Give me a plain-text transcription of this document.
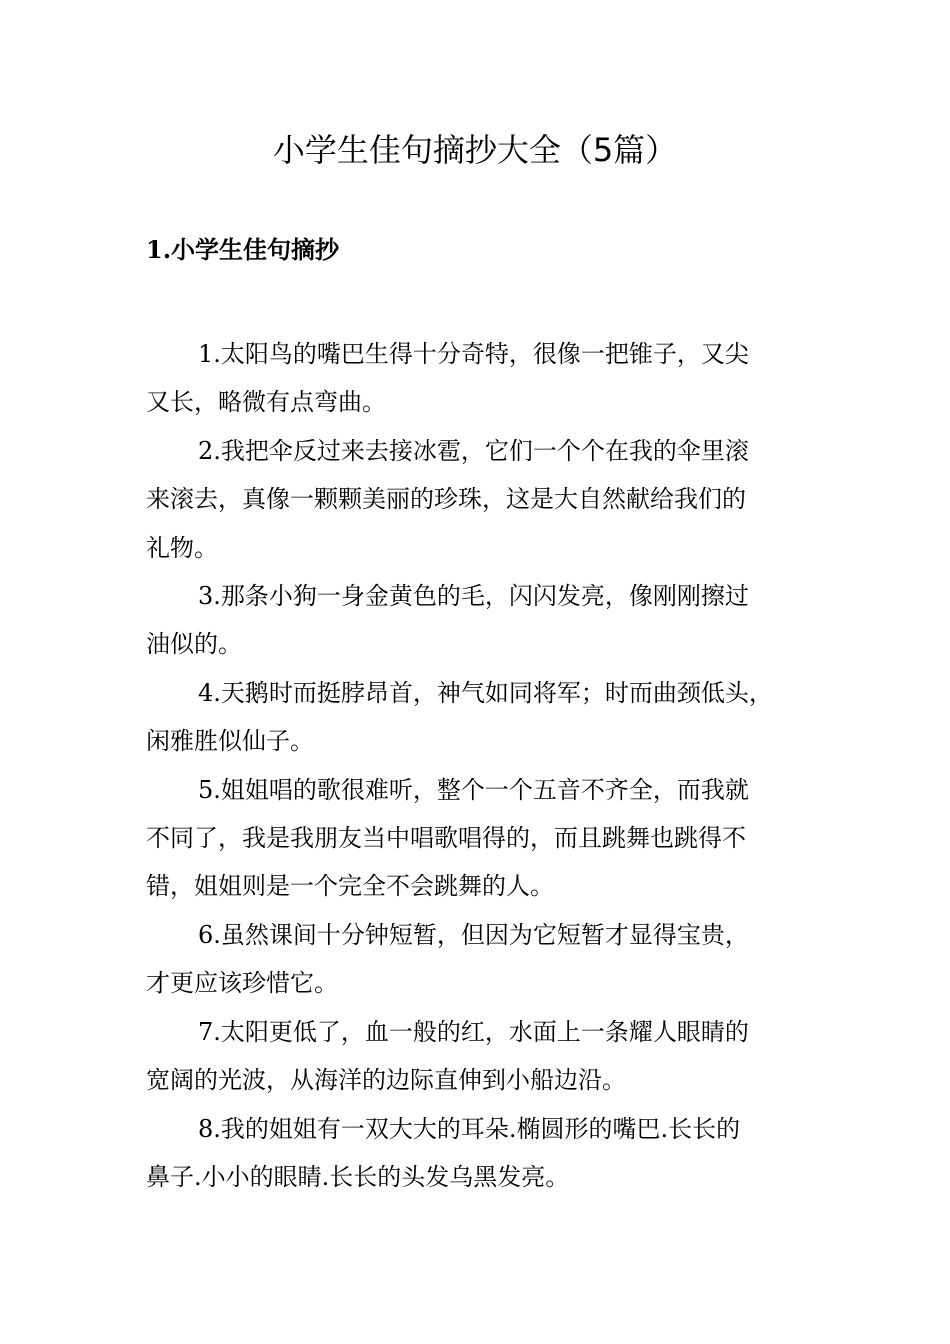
小学生佳句摘抄大全（5篇）
1.小学生佳句摘抄

1.太阳鸟的嘴巴生得十分奇特，很像一把锥子，又尖
又长，略微有点弯曲。

2.我把伞反过来去接冰雹，它们一个个在我的伞里滚
来滚去，真像一颗颗美丽的珍珠，这是大自然献给我们的
礼物。

3.那条小狗一身金黄色的毛，闪闪发亮，像刚刚擦过
油似的。

4.天鹅时而挺脖昂首，神气如同将军；时而曲颈低头，
闲雅胜似仙子。

5.姐姐唱的歌很难听，整个一个五音不齐全，而我就
不同了，我是我朋友当中唱歌唱得的，而且跳舞也跳得不
错，姐姐则是一个完全不会跳舞的人。

6.虽然课间十分钟短暂，但因为它短暂才显得宝贵，
才更应该珍惜它。

7.太阳更低了，血一般的红，水面上一条耀人眼睛的
宽阔的光波，从海洋的边际直伸到小船边沿。

8.我的姐姐有一双大大的耳朵.椭圆形的嘴巴.长长的
鼻子.小小的眼睛.长长的头发乌黑发亮。
